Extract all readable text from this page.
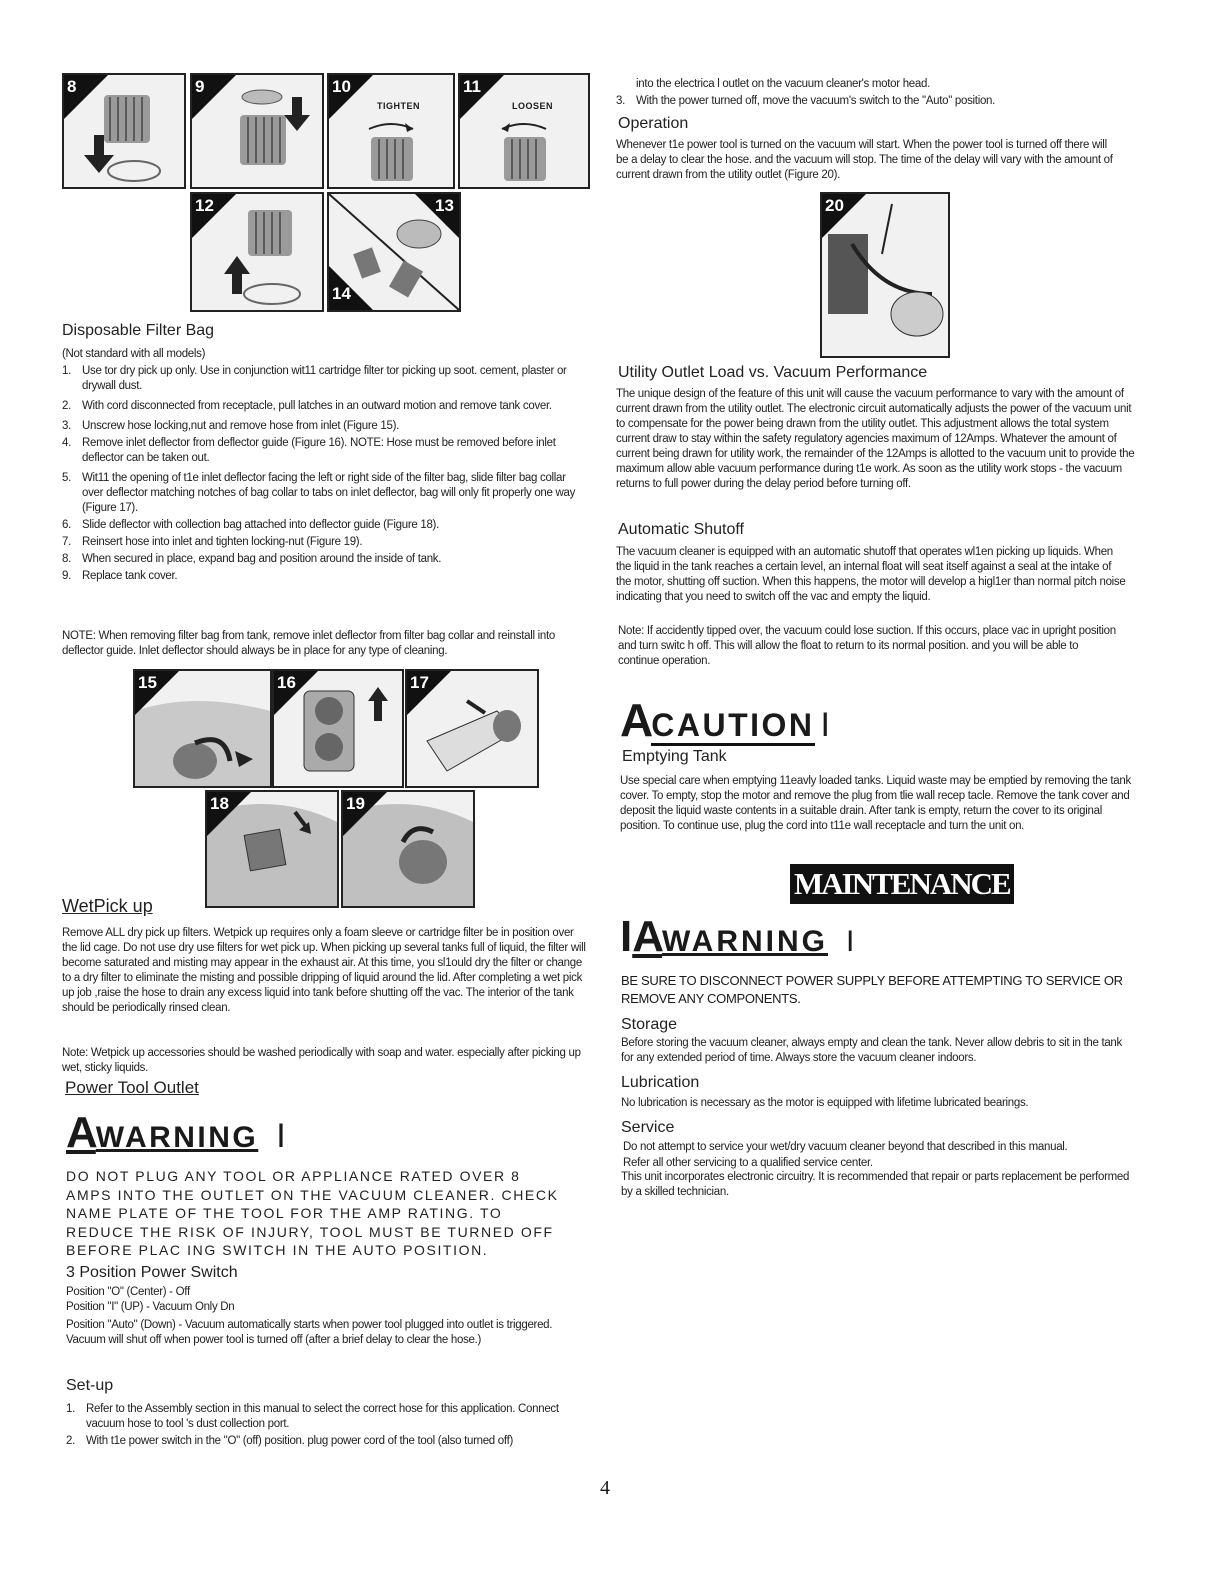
8	9	10
TIGHTEN
11
LOOSEN
12	13
14
15	16	17
18	19
20
Disposable Filter Bag
(Not standard with all models)
1. Use tor dry pick up only. Use in conjunction wit11 cartridge filter tor picking up soot. cement, plaster or drywall dust.
2. With cord disconnected from receptacle, pull latches in an outward motion and remove tank cover.
3. Unscrew hose locking,nut and remove hose from inlet (Figure 15).
4. Remove inlet deflector from deflector guide (Figure 16). NOTE: Hose must be removed before inlet deflector can be taken out.
5. Wit11 the opening of t1e inlet deflector facing the left or right side of the filter bag, slide filter bag collar over deflector matching notches of bag collar to tabs on inlet deflector, bag will only fit properly one way (Figure 17).
6. Slide deflector with collection bag attached into deflector guide (Figure 18).
7. Reinsert hose into inlet and tighten locking-nut (Figure 19).
8. When secured in place, expand bag and position around the inside of tank.
9. Replace tank cover.
NOTE: When removing filter bag from tank, remove inlet deflector from filter bag collar and reinstall into deflector guide. Inlet deflector should always be in place for any type of cleaning.
WetPick up
Remove ALL dry pick up filters. Wetpick up requires only a foam sleeve or cartridge filter be in position over the lid cage. Do not use dry use filters for wet pick up. When picking up several tanks full of liquid, the filter will become saturated and misting may appear in the exhaust air. At this time, you sl1ould dry the filter or change to a dry filter to eliminate the misting and possible dripping of liquid around the lid. After completing a wet pick up job ,raise the hose to drain any excess liquid into tank before shutting off the vac. The interior of the tank should be periodically rinsed clean.
Note: Wetpick up accessories should be washed periodically with soap and water. especially after picking up wet, sticky liquids.
Power Tool Outlet
AWARNING I
DO NOT PLUG ANY TOOL OR APPLIANCE RATED OVER 8 AMPS INTO THE OUTLET ON THE VACUUM CLEANER. CHECK NAME PLATE OF THE TOOL FOR THE AMP RATING. TO REDUCE THE RISK OF INJURY, TOOL MUST BE TURNED OFF BEFORE PLAC ING SWITCH IN THE AUTO POSITION.
3 Position Power Switch
Position "O" (Center) - Off
Position "I" (UP) - Vacuum Only Dn
Position "Auto" (Down) - Vacuum automatically starts when power tool plugged into outlet is triggered. Vacuum will shut off when power tool is turned off (after a brief delay to clear the hose.)
Set-up
1. Refer to the Assembly section in this manual to select the correct hose for this application. Connect vacuum hose to tool 's dust collection port.
2. With t1e power switch in the "O" (off) position. plug power cord of the tool (also turned off)
into the electrica l outlet on the vacuum cleaner's motor head.
3. With the power turned off, move the vacuum's switch to the "Auto" position.
Operation
Whenever t1e power tool is turned on the vacuum will start. When the power tool is turned off there will be a delay to clear the hose. and the vacuum will stop. The time of the delay will vary with the amount of current drawn from the utility outlet (Figure 20).
Utility Outlet Load vs. Vacuum Performance
The unique design of the feature of this unit will cause the vacuum performance to vary with the amount of current drawn from the utility outlet. The electronic circuit automatically adjusts the power of the vacuum unit to compensate for the power being drawn from the utility outlet. This adjustment allows the total system current draw to stay within the safety regulatory agencies maximum of 12Amps. Whatever the amount of current being drawn for utility work, the remainder of the 12Amps is allotted to the vacuum unit to provide the maximum allow able vacuum performance during t1e work. As soon as the utility work stops - the vacuum returns to full power during the delay period before turning off.
Automatic Shutoff
The vacuum cleaner is equipped with an automatic shutoff that operates wl1en picking up liquids. When the liquid in the tank reaches a certain level, an internal float will seat itself against a seal at the intake of the motor, shutting off suction. When this happens, the motor will develop a higl1er than normal pitch noise indicating that you need to switch off the vac and empty the liquid.
Note: If accidently tipped over, the vacuum could lose suction. If this occurs, place vac in upright position and turn switc h off. This will allow the float to return to its normal position. and you will be able to continue operation.
ACAUTION I
Emptying Tank
Use special care when emptying 11eavly loaded tanks. Liquid waste may be emptied by removing the tank cover. To empty, stop the motor and remove the plug from tlie wall recep tacle. Remove the tank cover and deposit the liquid waste contents in a suitable drain. After tank is empty, return the cover to its original position. To continue use, plug the cord into t11e wall receptacle and turn the unit on.
MAINTENANCE
IAWARNING I
BE SURE TO DISCONNECT POWER SUPPLY BEFORE ATTEMPTING TO SERVICE OR REMOVE ANY COMPONENTS.
Storage
Before storing the vacuum cleaner, always empty and clean the tank. Never allow debris to sit in the tank for any extended period of time. Always store the vacuum cleaner indoors.
Lubrication
No lubrication is necessary as the motor is equipped with lifetime lubricated bearings.
Service
Do not attempt to service your wet/dry vacuum cleaner beyond that described in this manual.
Refer all other servicing to a qualified service center.
This unit incorporates electronic circuitry. It is recommended that repair or parts replacement be performed by a skilled technician.
4
